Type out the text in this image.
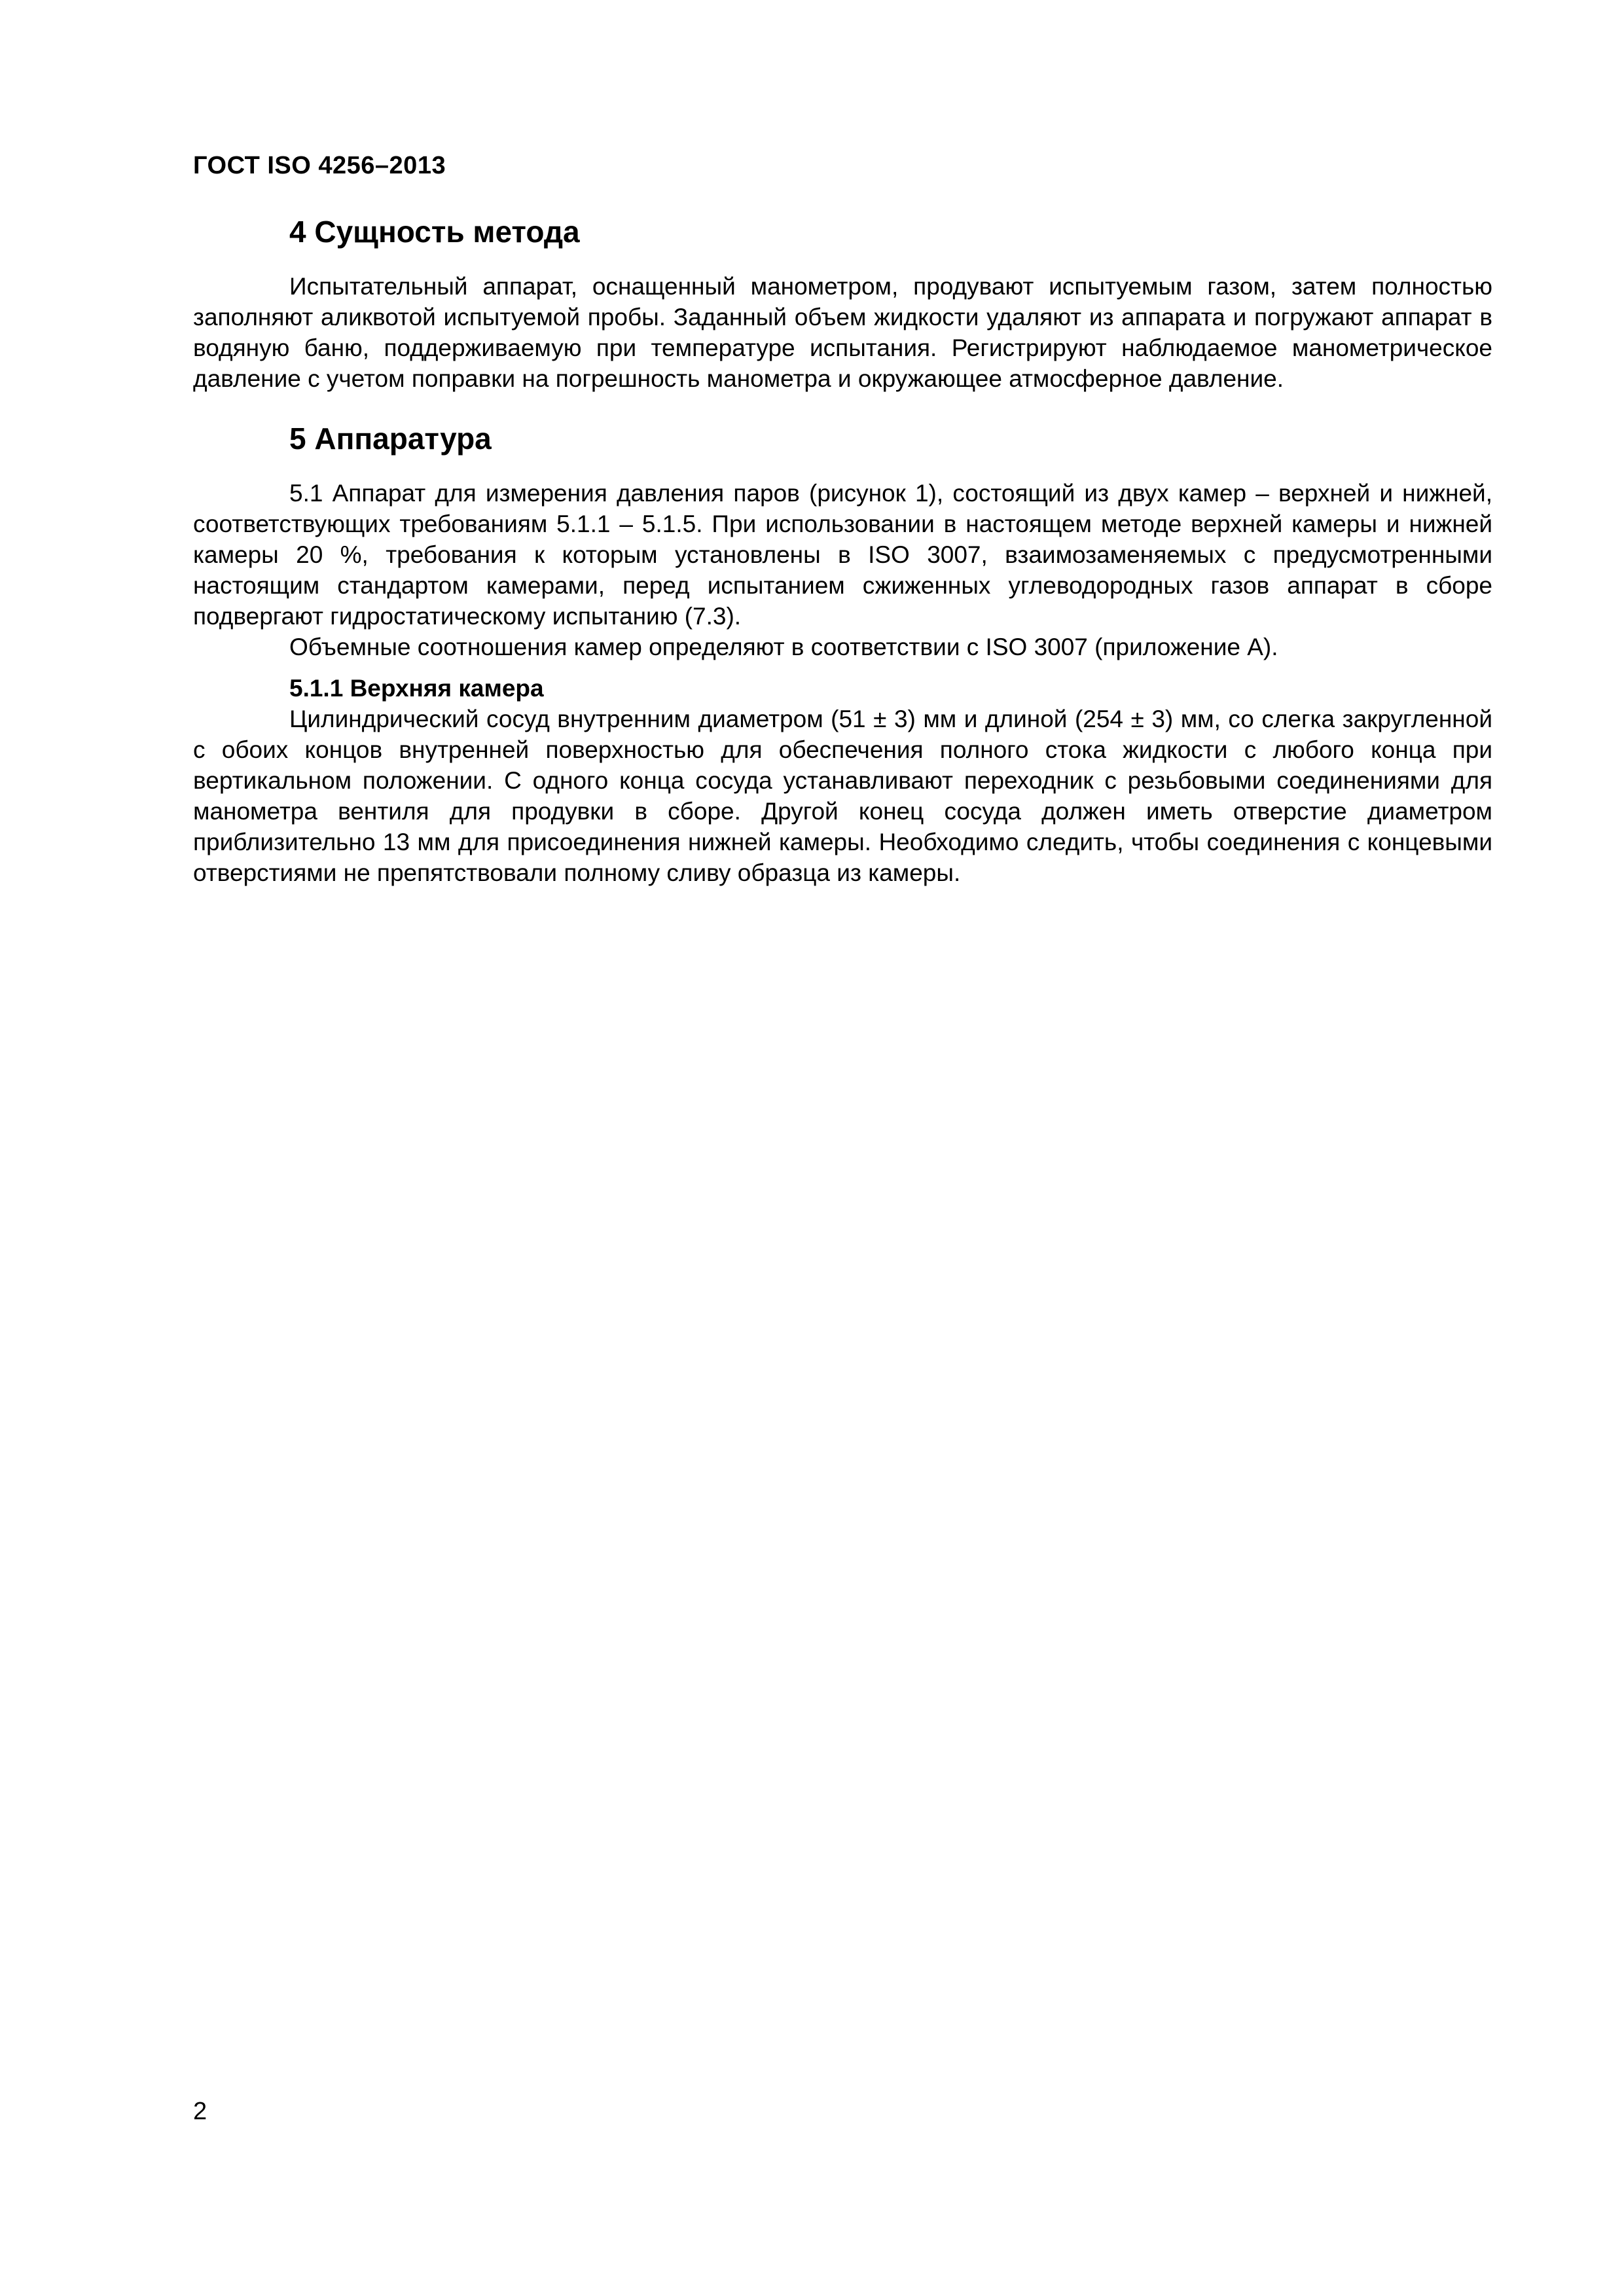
ГОСТ ISO 4256–2013
4 Сущность метода

Испытательный аппарат, оснащенный манометром, продувают испытуемым газом, затем полностью заполняют аликвотой испытуемой пробы. Заданный объем жидкости удаляют из аппарата и погружают аппарат в водяную баню, поддерживаемую при температуре испытания. Регистрируют наблюдаемое манометрическое давление с учетом поправки на погрешность манометра и окружающее атмосферное давление.

5 Аппаратура

5.1 Аппарат для измерения давления паров (рисунок 1), состоящий из двух камер – верхней и нижней, соответствующих требованиям 5.1.1 – 5.1.5. При использовании в настоящем методе верхней камеры и нижней камеры 20 %, требования к которым установлены в ISO 3007, взаимозаменяемых с предусмотренными настоящим стандартом камерами, перед испытанием сжиженных углеводородных газов аппарат в сборе подвергают гидростатическому испытанию (7.3).

Объемные соотношения камер определяют в соответствии с ISO 3007 (приложение А).

5.1.1 Верхняя камера

Цилиндрический сосуд внутренним диаметром (51 ± 3) мм и длиной (254 ± 3) мм, со слегка закругленной с обоих концов внутренней поверхностью для обеспечения полного стока жидкости с любого конца при вертикальном положении. С одного конца сосуда устанавливают переходник с резьбовыми соединениями для манометра вентиля для продувки в сборе. Другой конец сосуда должен иметь отверстие диаметром приблизительно 13 мм для присоединения нижней камеры. Необходимо следить, чтобы соединения с концевыми отверстиями не препятствовали полному сливу образца из камеры.

2
